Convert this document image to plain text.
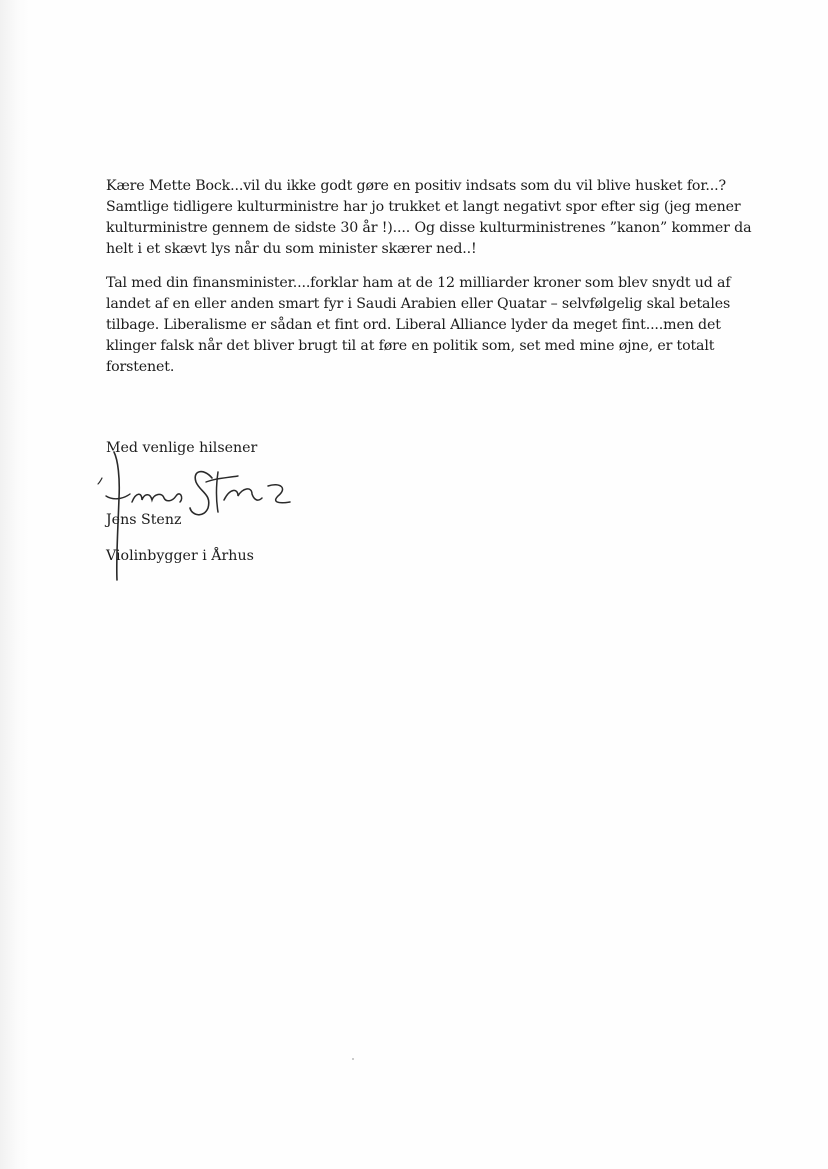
Kære Mette Bock...vil du ikke godt gøre en positiv indsats som du vil blive husket for...? Samtlige tidligere kulturministre har jo trukket et langt negativt spor efter sig (jeg mener kulturministre gennem de sidste 30 år !).... Og disse kulturministrenes ”kanon” kommer da helt i et skævt lys når du som minister skærer ned..!

Tal med din finansminister....forklar ham at de 12 milliarder kroner som blev snydt ud af landet af en eller anden smart fyr i Saudi Arabien eller Quatar – selvfølgelig skal betales tilbage. Liberalisme er sådan et fint ord. Liberal Alliance lyder da meget fint....men det klinger falsk når det bliver brugt til at føre en politik som, set med mine øjne, er totalt forstenet.

Med venlige hilsener
Jens Stenz
Violinbygger i Århus
